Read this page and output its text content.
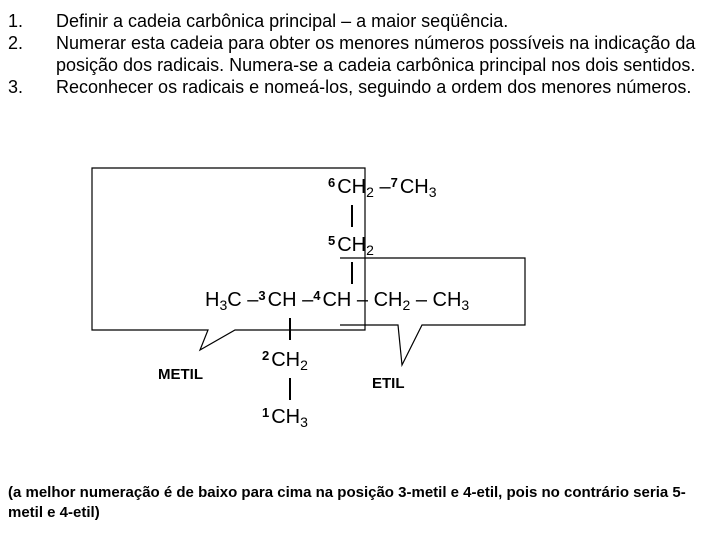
1. Definir a cadeia carbônica principal – a maior seqüência.
2. Numerar esta cadeia para obter os menores números possíveis na indicação da posição dos radicais. Numera-se a cadeia carbônica principal nos dois sentidos.
3. Reconhecer os radicais e nomeá-los, seguindo a ordem dos menores números.
$^6$ $CH_2$ –$^7$ $CH_3$
$^5$ $CH_2$
$H_3C$ –$^3$ CH –$^4$ CH – $CH_2 - CH_3$
$^2$ $CH_2$
$^1$ $CH_3$
METIL
ETIL
(a melhor numeração é de baixo para cima na posição 3-metil e 4-etil, pois no contrário seria 5-metil e 4-etil)
